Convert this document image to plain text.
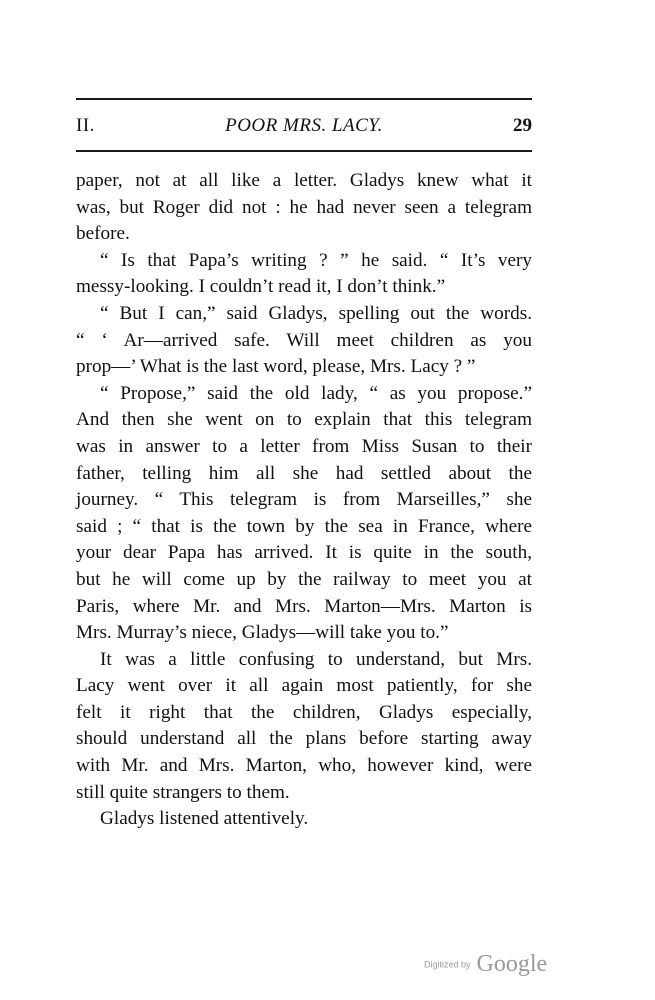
II.	POOR MRS. LACY.	29
paper, not at all like a letter. Gladys knew what it
was, but Roger did not : he had never seen a telegram
before.
“ Is that Papa’s writing ? ” he said. “ It’s very
messy-looking. I couldn’t read it, I don’t think.”
“ But I can,” said Gladys, spelling out the words.
“ ‘ Ar—arrived safe. Will meet children as you
prop—’ What is the last word, please, Mrs. Lacy ? ”
“ Propose,” said the old lady, “ as you propose.”
And then she went on to explain that this telegram
was in answer to a letter from Miss Susan to their
father, telling him all she had settled about the
journey. “ This telegram is from Marseilles,” she
said ; “ that is the town by the sea in France, where
your dear Papa has arrived. It is quite in the south,
but he will come up by the railway to meet you at
Paris, where Mr. and Mrs. Marton—Mrs. Marton is
Mrs. Murray’s niece, Gladys—will take you to.”
It was a little confusing to understand, but Mrs.
Lacy went over it all again most patiently, for she
felt it right that the children, Gladys especially,
should understand all the plans before starting away
with Mr. and Mrs. Marton, who, however kind, were
still quite strangers to them.
Gladys listened attentively.
Digitized by Google
